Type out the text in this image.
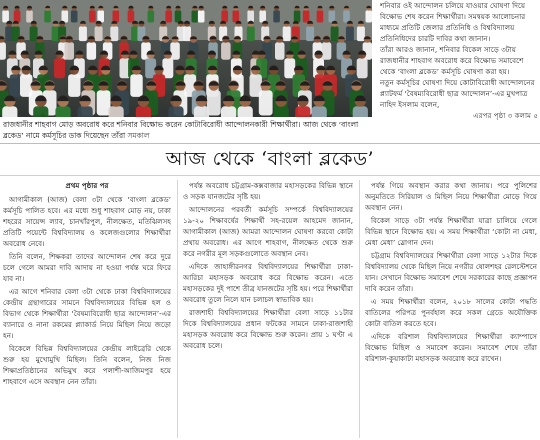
রাজধানীর শাহবাগ মোড় অবরোধ করে শনিবার বিক্ষোভ করেন কোটাবিরোধী আন্দোলনকারী শিক্ষার্থীরা। আজ থেকে ‘বাংলা ব্লকেড’ নামে কর্মসূচির ডাক দিয়েছেন তাঁরা সমকাল
শনিবার ওই আন্দোলন চলিয়ে যাওয়ার ঘোষণা দিয়ে বিক্ষোভ শেষ করেন শিক্ষার্থীরা। সমন্বয়ক আলোচনার মাধ্যমে প্রতিটি জেলার প্রতিনিধি ও বিশ্ববিদ্যালয় প্রতিনিধিদের চারটি দাবির কথা জানান।
তাঁরা আরও জানান, শনিবার বিকেল সাড়ে ৩টায় রাজধানীর শাহবাগ অবরোধ করে বিক্ষোভ সমাবেশে থেকে ‘বাংলা ব্লকেড’ কর্মসূচি ঘোষণা করা হয়।
নতুন কর্মসূচির ঘোষণা দিয়ে কোটাবিরোধী আন্দোলনের প্ল্যাটফর্ম ‘বৈষম্যবিরোধী ছাত্র আন্দোলন’-এর মুখপাত্র নাহিদ ইসলাম বলেন,
এরপর পৃষ্ঠা ৩ কলাম ৫
আজ থেকে ‘বাংলা ব্লকেড’

প্রথম পৃষ্ঠার পর

আগামীকাল (আজ) বেলা ৩টা থেকে ‘বাংলা ব্লকেড’ কর্মসূচি পালিত হবে। এর মধ্যে শুধু শাহবাগ মোড় নয়, ঢাকা শহরের সায়েন্স ল্যাব, চানখাঁরপুল, নীলক্ষেত, মতিঝিলসহ প্রতিটি পয়েন্টে বিশ্ববিদ্যালয় ও কলেজগুলোর শিক্ষার্থীরা অবরোধ নেবে।

তিনি বলেন, শিক্ষকরা তাদের আন্দোলন শেষ করে দুরে চলে গেলে আমরা দাবি আদায় না হওয়া পর্যন্ত ঘরে ফিরে যাব না।

এর আগে শনিবার বেলা ৩টা থেকে ঢাকা বিশ্ববিদ্যালয়ের কেন্দ্রীয় গ্রন্থাগারের সামনে বিশ্ববিদ্যালয়ের বিভিন্ন হল ও বিভাগ থেকে শিক্ষার্থীরা ‘বৈষম্যবিরোধী ছাত্র আন্দোলন’-এর ব্যানারে ও নানা রকমের প্ল্যাকার্ড নিয়ে মিছিল নিয়ে জড়ো হন।

বিকেলে বিভিন্ন বিশ্ববিদ্যালয়ের কেন্দ্রীয় লাইব্রেরি থেকে শুরু হয় মুখোমুখি মিছিল। তিনি বলেন, নিজ নিজ শিক্ষাপ্রতিষ্ঠানের অভিমুখ করে পলাশী-আজিমপুর হয়ে শাহবাগে এসে অবস্থান নেন তাঁরা।

পর্যন্ত অবরোধ চট্টগ্রাম-কক্সবাজার মহাসড়কের বিভিন্ন স্থানে ও সড়ক যানজটের সৃষ্টি হয়।

আন্দোলনের পরবর্তী কর্মসূচি সম্পর্কে বিশ্ববিদ্যালয়ের ১৯-২০ শিক্ষাবর্ষের শিক্ষার্থী সহ-রয়েল আহমেদ জানান, আগামীকাল (আজ) আমরা আন্দোলন ঘোষণা করবো কোটা প্রথায় অবরোধ। এর আগে শাহবাগ, নীলক্ষেত থেকে শুরু করে নগরীর মূল সড়কগুলোতে অবস্থান নেব।

এদিকে জাহাঙ্গীরনগর বিশ্ববিদ্যালয়ের শিক্ষার্থীরা ঢাকা-আরিচা মহাসড়ক অবরোধ করে বিক্ষোভ করেন। এতে মহাসড়কের দুই পাশে তীব্র যানজটের সৃষ্টি হয়। পরে শিক্ষার্থীরা অবরোধ তুলে নিলে যান চলাচল স্বাভাবিক হয়।

রাজশাহী বিশ্ববিদ্যালয়ের শিক্ষার্থীরা বেলা সাড়ে ১১টার দিকে বিশ্ববিদ্যালয়ের প্রধান ফটকের সামনে ঢাকা-রাজশাহী মহাসড়ক অবরোধ করে বিক্ষোভ শুরু করেন। প্রায় ১ ঘণ্টা এ অবরোধ চলে।

পর্যন্ত গিয়ে অবস্থান করার কথা জানায়। পরে পুলিশের অনুমতিতে সিরিয়াল ও মিছিল নিয়ে শিক্ষার্থীরা মোড়ে গিয়ে অবস্থান নেন।

বিকেল সাড়ে ৩টা পর্যন্ত শিক্ষার্থীরা যাত্রা চালিয়ে গেলে বিভিন্ন স্থানে বিক্ষোভ হয়। এ সময় শিক্ষার্থীরা ‘কোটা না মেধা, মেধা মেধা’ স্লোগান দেন।

চট্টগ্রাম বিশ্ববিদ্যালয়ের শিক্ষার্থীরা বেলা সাড়ে ১২টার দিকে বিশ্ববিদ্যালয় থেকে মিছিল নিয়ে নগরীর ষোলশহর রেলস্টেশনে যান। সেখানে বিক্ষোভ সমাবেশ শেষে সরকারের কাছে প্রজ্ঞাপন দাবি করেন তাঁরা।

এ সময় শিক্ষার্থীরা বলেন, ২০১৮ সালের কোটা পদ্ধতি বাতিলের পরিপত্র পুনর্বহাল করে সকল গ্রেডে অযৌক্তিক কোটা বাতিল করতে হবে।

এদিকে বরিশাল বিশ্ববিদ্যালয়ের শিক্ষার্থীরা ক্যাম্পাসে বিক্ষোভ মিছিল ও সমাবেশ করেন। সমাবেশ শেষে তাঁরা বরিশাল-কুয়াকাটা মহাসড়ক অবরোধ করে রাখেন।
